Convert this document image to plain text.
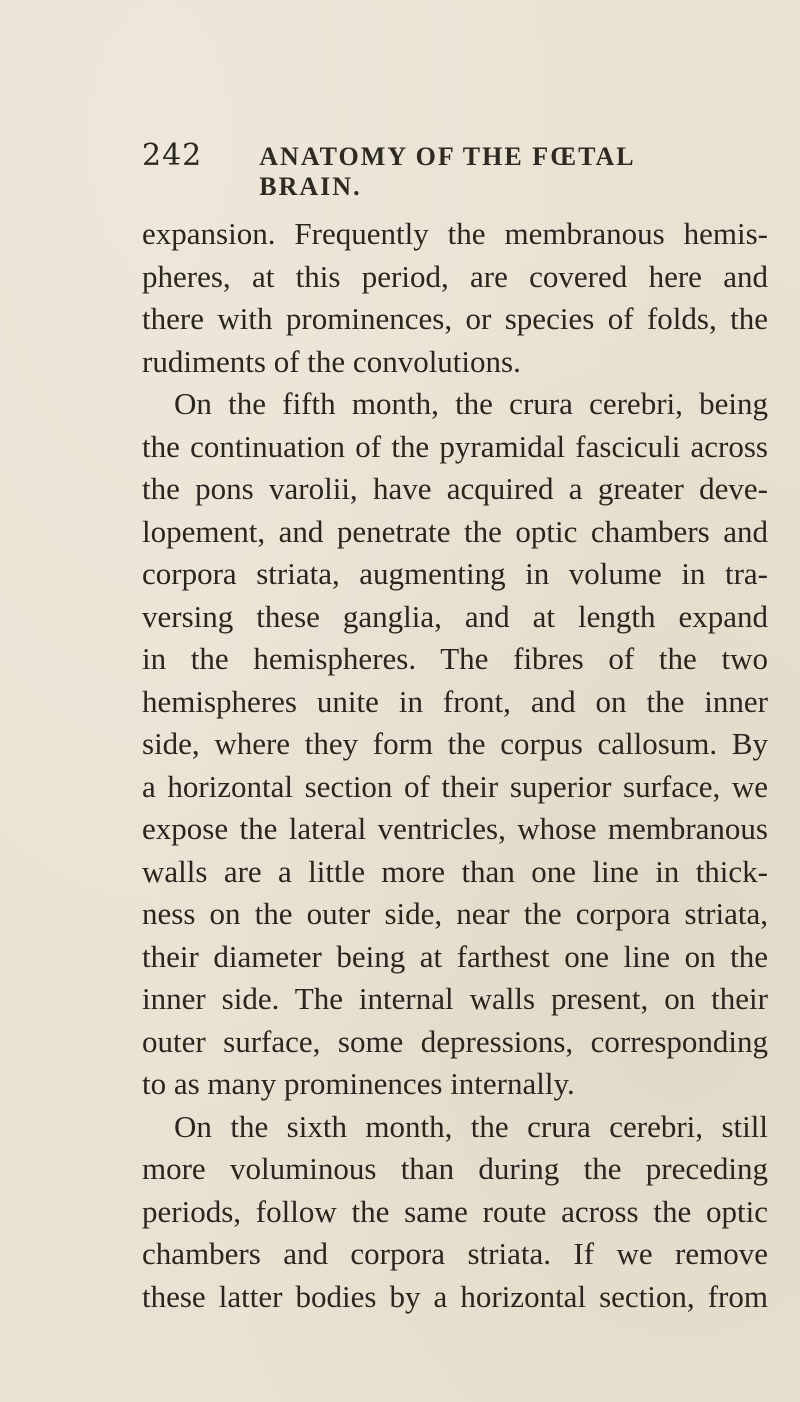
242	ANATOMY OF THE FŒTAL BRAIN.
expansion. Frequently the membranous hemis-
pheres, at this period, are covered here and
there with prominences, or species of folds, the
rudiments of the convolutions.
On the fifth month, the crura cerebri, being
the continuation of the pyramidal fasciculi across
the pons varolii, have acquired a greater deve-
lopement, and penetrate the optic chambers and
corpora striata, augmenting in volume in tra-
versing these ganglia, and at length expand
in the hemispheres. The fibres of the two
hemispheres unite in front, and on the inner
side, where they form the corpus callosum. By
a horizontal section of their superior surface, we
expose the lateral ventricles, whose membranous
walls are a little more than one line in thick-
ness on the outer side, near the corpora striata,
their diameter being at farthest one line on the
inner side. The internal walls present, on their
outer surface, some depressions, corresponding
to as many prominences internally.
On the sixth month, the crura cerebri, still
more voluminous than during the preceding
periods, follow the same route across the optic
chambers and corpora striata. If we remove
these latter bodies by a horizontal section, from
